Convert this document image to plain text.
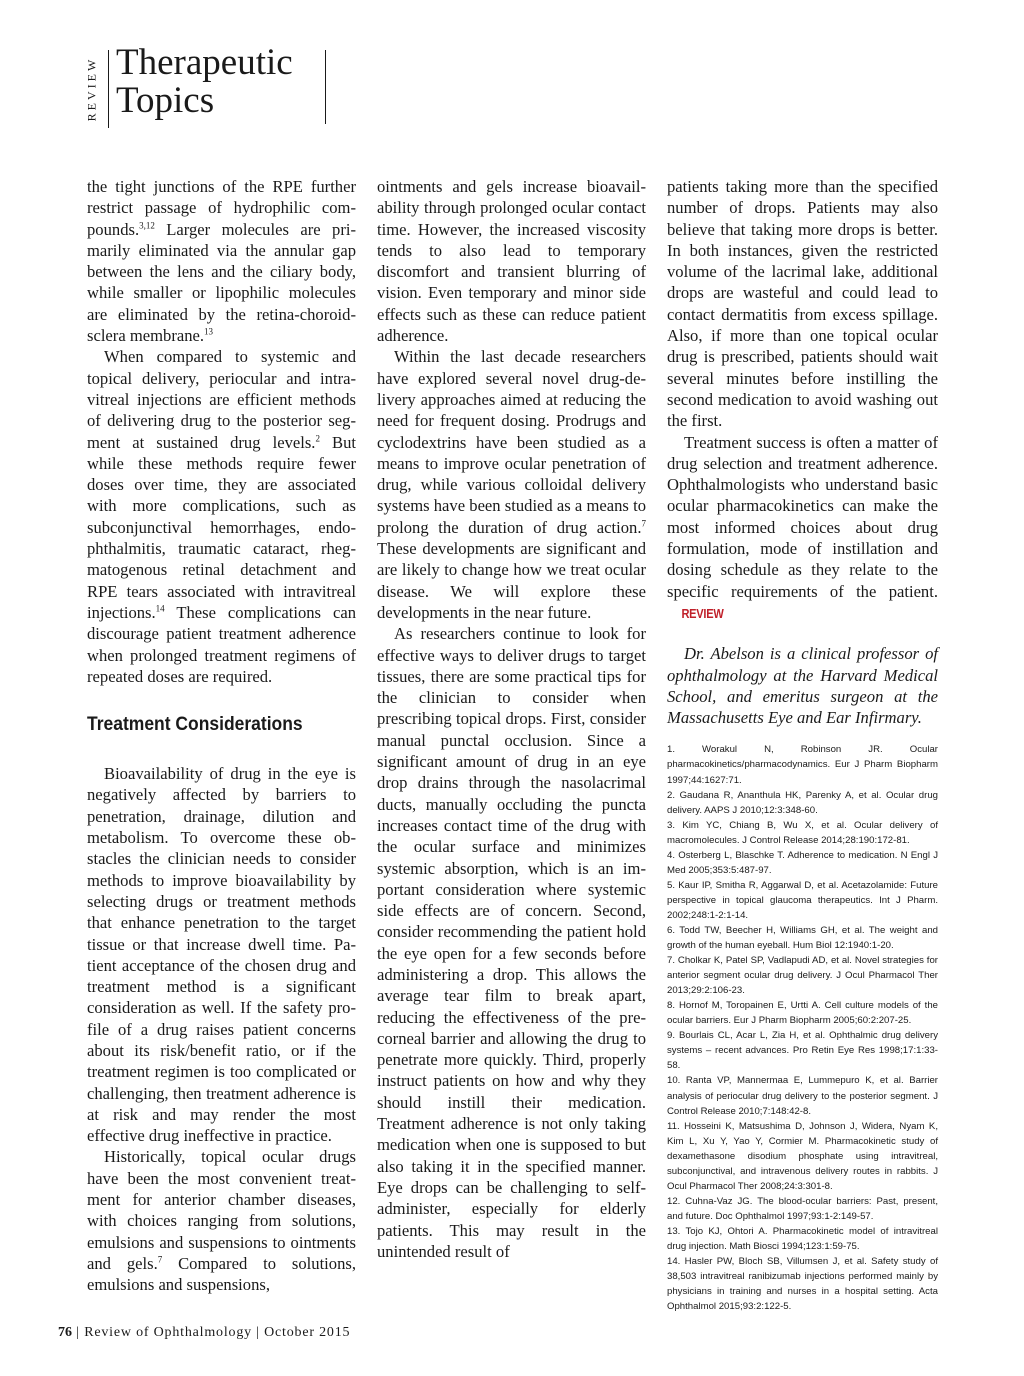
REVIEW Therapeutic
Topics

the tight junctions of the RPE further restrict passage of hydrophilic compounds.$^{3,12}$ Larger molecules are primarily eliminated via the annular gap between the lens and the ciliary body, while smaller or lipophilic molecules are eliminated by the retina-choroid-sclera membrane.$^{13}$

When compared to systemic and topical delivery, periocular and intravitreal injections are efficient methods of delivering drug to the posterior segment at sustained drug levels.$^2$ But while these methods require fewer doses over time, they are associated with more complications, such as subconjunctival hemorrhages, endophthalmitis, traumatic cataract, rhegmatogenous retinal detachment and RPE tears associated with intravitreal injections.$^{14}$ These complications can discourage patient treatment adherence when prolonged treatment regimens of repeated doses are required.

Treatment Considerations

Bioavailability of drug in the eye is negatively affected by barriers to penetration, drainage, dilution and metabolism. To overcome these obstacles the clinician needs to consider methods to improve bioavailability by selecting drugs or treatment methods that enhance penetration to the target tissue or that increase dwell time. Patient acceptance of the chosen drug and treatment method is a significant consideration as well. If the safety profile of a drug raises patient concerns about its risk/benefit ratio, or if the treatment regimen is too complicated or challenging, then treatment adherence is at risk and may render the most effective drug ineffective in practice.

Historically, topical ocular drugs have been the most convenient treatment for anterior chamber diseases, with choices ranging from solutions, emulsions and suspensions to ointments and gels.$^7$ Compared to solutions, emulsions and suspensions,

ointments and gels increase bioavailability through prolonged ocular contact time. However, the increased viscosity tends to also lead to temporary discomfort and transient blurring of vision. Even temporary and minor side effects such as these can reduce patient adherence.

Within the last decade researchers have explored several novel drug-delivery approaches aimed at reducing the need for frequent dosing. Prodrugs and cyclodextrins have been studied as a means to improve ocular penetration of drug, while various colloidal delivery systems have been studied as a means to prolong the duration of drug action.$^7$ These developments are significant and are likely to change how we treat ocular disease. We will explore these developments in the near future.

As researchers continue to look for effective ways to deliver drugs to target tissues, there are some practical tips for the clinician to consider when prescribing topical drops. First, consider manual punctal occlusion. Since a significant amount of drug in an eye drop drains through the nasolacrimal ducts, manually occluding the puncta increases contact time of the drug with the ocular surface and minimizes systemic absorption, which is an important consideration where systemic side effects are of concern. Second, consider recommending the patient hold the eye open for a few seconds before administering a drop. This allows the average tear film to break apart, reducing the effectiveness of the pre-corneal barrier and allowing the drug to penetrate more quickly. Third, properly instruct patients on how and why they should instill their medication. Treatment adherence is not only taking medication when one is supposed to but also taking it in the specified manner. Eye drops can be challenging to self-administer, especially for elderly patients. This may result in the unintended result of

patients taking more than the specified number of drops. Patients may also believe that taking more drops is better. In both instances, given the restricted volume of the lacrimal lake, additional drops are wasteful and could lead to contact dermatitis from excess spillage. Also, if more than one topical ocular drug is prescribed, patients should wait several minutes before instilling the second medication to avoid washing out the first.

Treatment success is often a matter of drug selection and treatment adherence. Ophthalmologists who understand basic ocular pharmacokinetics can make the most informed choices about drug formulation, mode of instillation and dosing schedule as they relate to the specific requirements of the patient. REVIEW

Dr. Abelson is a clinical professor of ophthalmology at the Harvard Medical School, and emeritus surgeon at the Massachusetts Eye and Ear Infirmary.

1. Worakul N, Robinson JR. Ocular pharmacokinetics/pharmacodynamics. Eur J Pharm Biopharm 1997;44:1627:71.
2. Gaudana R, Ananthula HK, Parenky A, et al. Ocular drug delivery. AAPS J 2010;12:3:348-60.
3. Kim YC, Chiang B, Wu X, et al. Ocular delivery of macromolecules. J Control Release 2014;28:190:172-81.
4. Osterberg L, Blaschke T. Adherence to medication. N Engl J Med 2005;353:5:487-97.
5. Kaur IP, Smitha R, Aggarwal D, et al. Acetazolamide: Future perspective in topical glaucoma therapeutics. Int J Pharm. 2002;248:1-2:1-14.
6. Todd TW, Beecher H, Williams GH, et al. The weight and growth of the human eyeball. Hum Biol 12:1940:1-20.
7. Cholkar K, Patel SP, Vadlapudi AD, et al. Novel strategies for anterior segment ocular drug delivery. J Ocul Pharmacol Ther 2013;29:2:106-23.
8. Hornof M, Toropainen E, Urtti A. Cell culture models of the ocular barriers. Eur J Pharm Biopharm 2005;60:2:207-25.
9. Bourlais CL, Acar L, Zia H, et al. Ophthalmic drug delivery systems – recent advances. Pro Retin Eye Res 1998;17:1:33-58.
10. Ranta VP, Mannermaa E, Lummepuro K, et al. Barrier analysis of periocular drug delivery to the posterior segment. J Control Release 2010;7:148:42-8.
11. Hosseini K, Matsushima D, Johnson J, Widera, Nyam K, Kim L, Xu Y, Yao Y, Cormier M. Pharmacokinetic study of dexamethasone disodium phosphate using intravitreal, subconjunctival, and intravenous delivery routes in rabbits. J Ocul Pharmacol Ther 2008;24:3:301-8.
12. Cuhna-Vaz JG. The blood-ocular barriers: Past, present, and future. Doc Ophthalmol 1997;93:1-2:149-57.
13. Tojo KJ, Ohtori A. Pharmacokinetic model of intravitreal drug injection. Math Biosci 1994;123:1:59-75.
14. Hasler PW, Bloch SB, Villumsen J, et al. Safety study of 38,503 intravitreal ranibizumab injections performed mainly by physicians in training and nurses in a hospital setting. Acta Ophthalmol 2015;93:2:122-5.
76 | Review of Ophthalmology | October 2015
